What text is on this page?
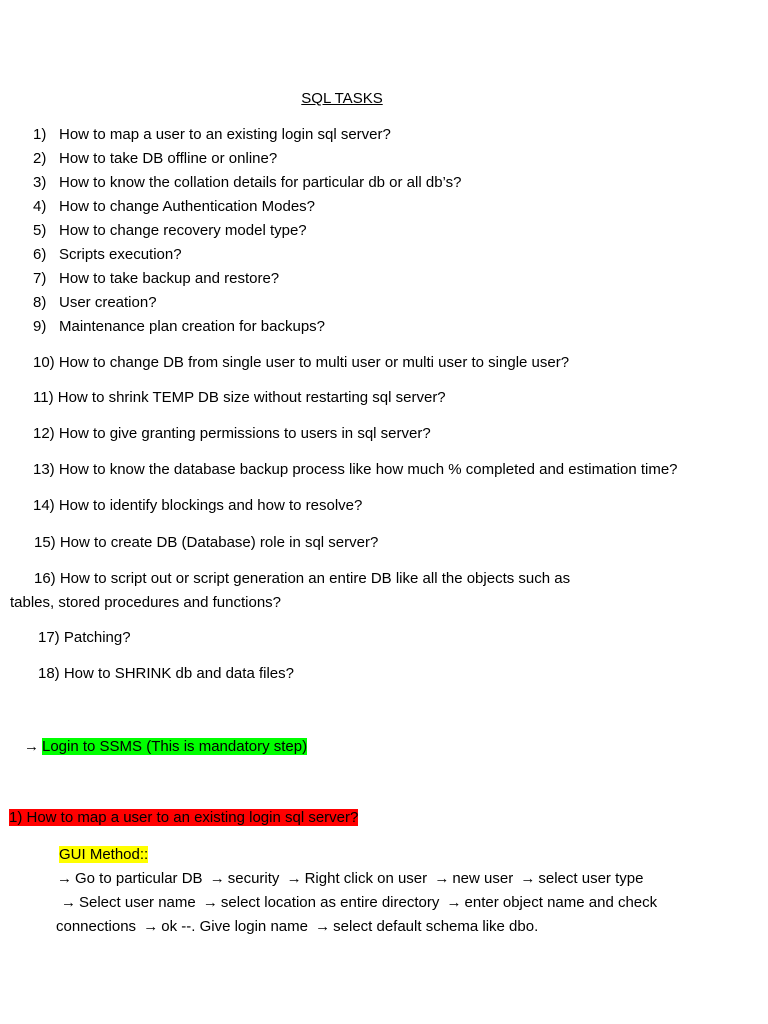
SQL TASKS
1) How to map a user to an existing login sql server?
2) How to take DB offline or online?
3) How to know the collation details for particular db or all db’s?
4) How to change Authentication Modes?
5) How to change recovery model type?
6) Scripts execution?
7) How to take backup and restore?
8) User creation?
9) Maintenance plan creation for backups?
10) How to change DB from single user to multi user or multi user to single user?
11) How to shrink TEMP DB size without restarting sql server?
12) How to give granting permissions to users in sql server?
13) How to know the database backup process like how much % completed and estimation time?
14) How to identify blockings and how to resolve?
15) How to create DB (Database) role in sql server?
16) How to script out or script generation an entire DB like all the objects such as
tables, stored procedures and functions?
17) Patching?
18) How to SHRINK db and data files?
→ Login to SSMS (This is mandatory step)
1) How to map a user to an existing login sql server?
GUI Method::
→ Go to particular DB → security → Right click on user → new user → select user type
→ Select user name → select location as entire directory → enter object name and check
connections → ok --. Give login name → select default schema like dbo.
